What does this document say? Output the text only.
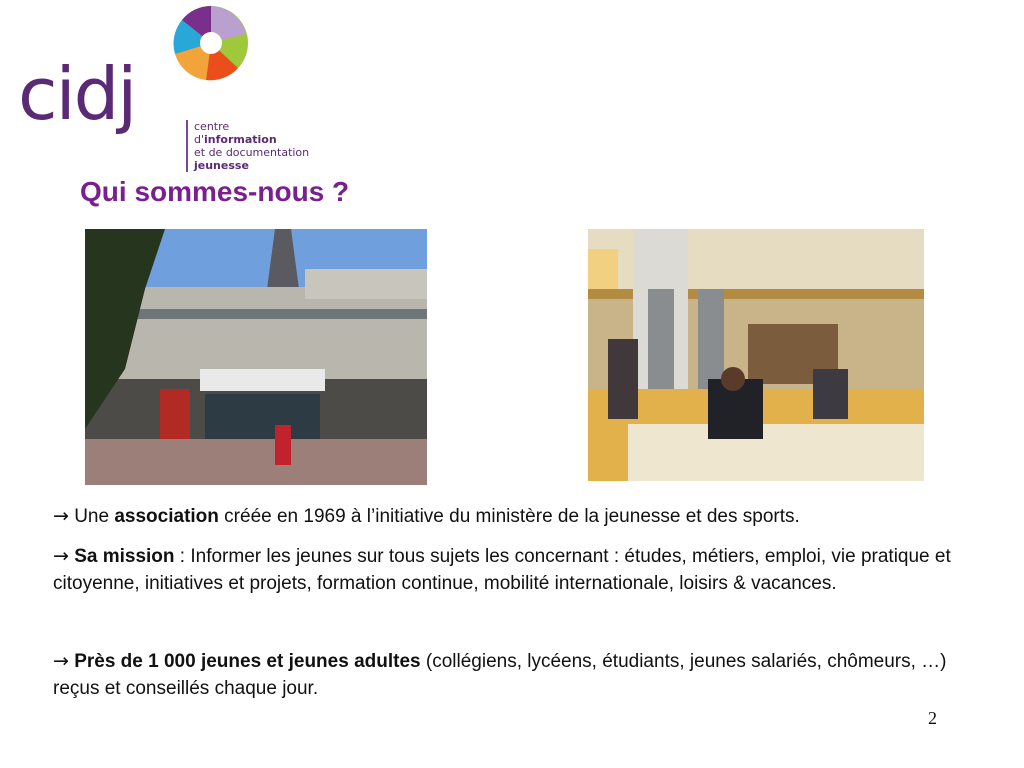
cidj	centre d'information
et de documentation
jeunesse
Qui sommes-nous ?
→ Une association créée en 1969 à l’initiative du ministère de la jeunesse et des sports.
→ Sa mission : Informer les jeunes sur tous sujets les concernant : études, métiers, emploi, vie pratique et citoyenne, initiatives et projets, formation continue, mobilité internationale, loisirs & vacances.
→ Près de 1 000 jeunes et jeunes adultes (collégiens, lycéens, étudiants, jeunes salariés, chômeurs, …) reçus et conseillés chaque jour.
2
